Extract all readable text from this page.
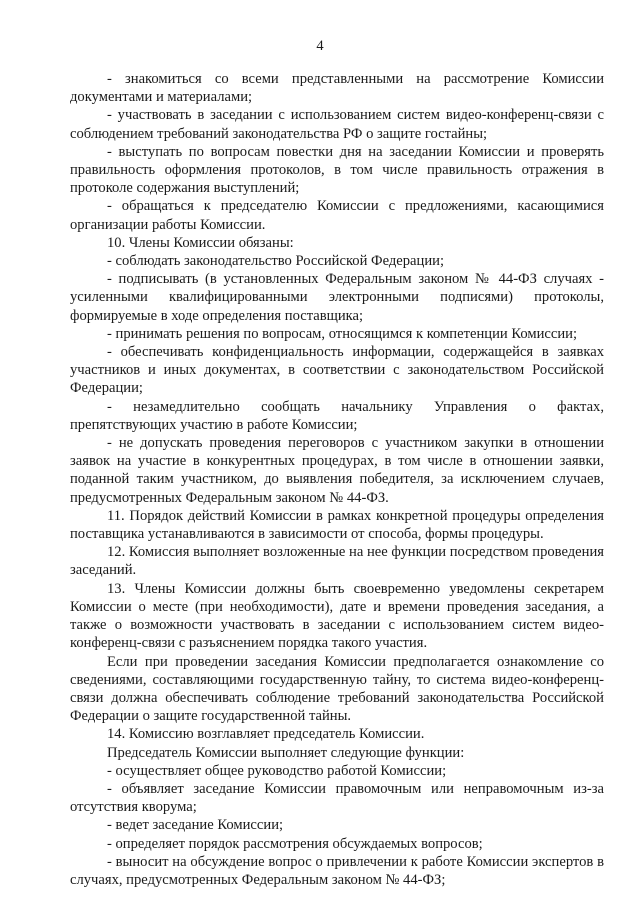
4

- знакомиться со всеми представленными на рассмотрение Комиссии документами и материалами;

- участвовать в заседании с использованием систем видео-конференц-связи с соблюдением требований законодательства РФ о защите гостайны;

- выступать по вопросам повестки дня на заседании Комиссии и проверять правильность оформления протоколов, в том числе правильность отражения в протоколе содержания выступлений;

- обращаться к председателю Комиссии с предложениями, касающимися организации работы Комиссии.

10. Члены Комиссии обязаны:

- соблюдать законодательство Российской Федерации;

- подписывать (в установленных Федеральным законом № 44-ФЗ случаях - усиленными квалифицированными электронными подписями) протоколы, формируемые в ходе определения поставщика;

- принимать решения по вопросам, относящимся к компетенции Комиссии;

- обеспечивать конфиденциальность информации, содержащейся в заявках участников и иных документах, в соответствии с законодательством Российской Федерации;

- незамедлительно сообщать начальнику Управления о фактах, препятствующих участию в работе Комиссии;

- не допускать проведения переговоров с участником закупки в отношении заявок на участие в конкурентных процедурах, в том числе в отношении заявки, поданной таким участником, до выявления победителя, за исключением случаев, предусмотренных Федеральным законом № 44-ФЗ.

11. Порядок действий Комиссии в рамках конкретной процедуры определения поставщика устанавливаются в зависимости от способа, формы процедуры.

12. Комиссия выполняет возложенные на нее функции посредством проведения заседаний.

13. Члены Комиссии должны быть своевременно уведомлены секретарем Комиссии о месте (при необходимости), дате и времени проведения заседания, а также о возможности участвовать в заседании с использованием систем видео-конференц-связи с разъяснением порядка такого участия.

Если при проведении заседания Комиссии предполагается ознакомление со сведениями, составляющими государственную тайну, то система видео-конференц-связи должна обеспечивать соблюдение требований законодательства Российской Федерации о защите государственной тайны.

14. Комиссию возглавляет председатель Комиссии.

Председатель Комиссии выполняет следующие функции:

- осуществляет общее руководство работой Комиссии;

- объявляет заседание Комиссии правомочным или неправомочным из-за отсутствия кворума;

- ведет заседание Комиссии;

- определяет порядок рассмотрения обсуждаемых вопросов;

- выносит на обсуждение вопрос о привлечении к работе Комиссии экспертов в случаях, предусмотренных Федеральным законом № 44-ФЗ;
